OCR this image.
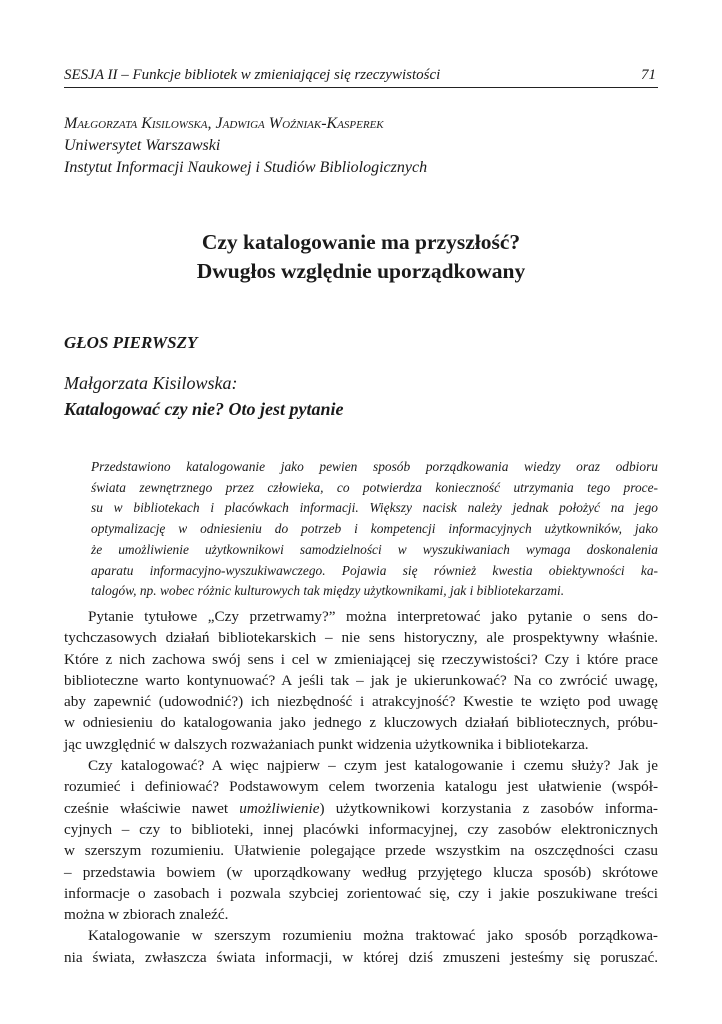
SESJA II – Funkcje bibliotek w zmieniającej się rzeczywistości	71
Małgorzata Kisilowska, Jadwiga Woźniak-Kasperek
Uniwersytet Warszawski
Instytut Informacji Naukowej i Studiów Bibliologicznych
Czy katalogowanie ma przyszłość?
Dwugłos względnie uporządkowany
GŁOS PIERWSZY
Małgorzata Kisilowska:
Katalogować czy nie? Oto jest pytanie
Przedstawiono katalogowanie jako pewien sposób porządkowania wiedzy oraz odbioru
świata zewnętrznego przez człowieka, co potwierdza konieczność utrzymania tego proce-
su w bibliotekach i placówkach informacji. Większy nacisk należy jednak położyć na jego
optymalizację w odniesieniu do potrzeb i kompetencji informacyjnych użytkowników, jako
że umożliwienie użytkownikowi samodzielności w wyszukiwaniach wymaga doskonalenia
aparatu informacyjno-wyszukiwawczego. Pojawia się również kwestia obiektywności ka-
talogów, np. wobec różnic kulturowych tak między użytkownikami, jak i bibliotekarzami.
Pytanie tytułowe „Czy przetrwamy?” można interpretować jako pytanie o sens do-
tychczasowych działań bibliotekarskich – nie sens historyczny, ale prospektywny właśnie.
Które z nich zachowa swój sens i cel w zmieniającej się rzeczywistości? Czy i które prace
biblioteczne warto kontynuować? A jeśli tak – jak je ukierunkować? Na co zwrócić uwagę,
aby zapewnić (udowodnić?) ich niezbędność i atrakcyjność? Kwestie te wzięto pod uwagę
w odniesieniu do katalogowania jako jednego z kluczowych działań bibliotecznych, próbu-
jąc uwzględnić w dalszych rozważaniach punkt widzenia użytkownika i bibliotekarza.
Czy katalogować? A więc najpierw – czym jest katalogowanie i czemu służy? Jak je
rozumieć i definiować? Podstawowym celem tworzenia katalogu jest ułatwienie (współ-
cześnie właściwie nawet umożliwienie) użytkownikowi korzystania z zasobów informa-
cyjnych – czy to biblioteki, innej placówki informacyjnej, czy zasobów elektronicznych
w szerszym rozumieniu. Ułatwienie polegające przede wszystkim na oszczędności czasu
– przedstawia bowiem (w uporządkowany według przyjętego klucza sposób) skrótowe
informacje o zasobach i pozwala szybciej zorientować się, czy i jakie poszukiwane treści
można w zbiorach znaleźć.
Katalogowanie w szerszym rozumieniu można traktować jako sposób porządkowa-
nia świata, zwłaszcza świata informacji, w której dziś zmuszeni jesteśmy się poruszać.
